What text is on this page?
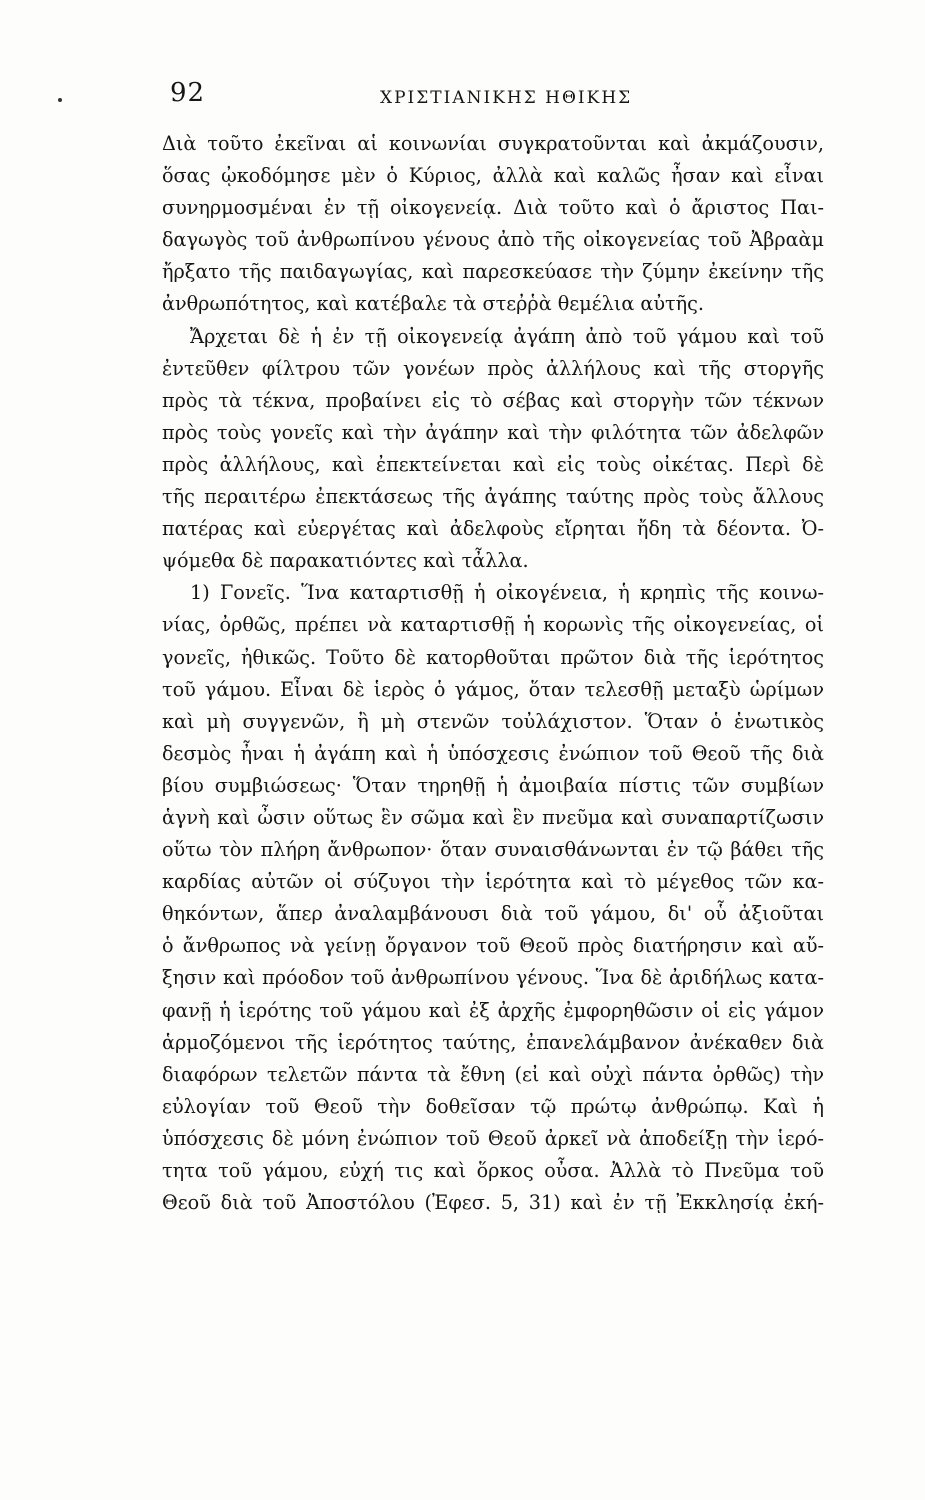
92	ΧΡΙΣΤΙΑΝΙΚΗΣ ΗΘΙΚΗΣ
Διὰ τοῦτο ἐκεῖναι αἱ κοινωνίαι συγκρατοῦνται καὶ ἀκμάζουσιν,
ὅσας ᾠκοδόμησε μὲν ὁ Κύριος, ἀλλὰ καὶ καλῶς ἦσαν καὶ εἶναι
συνηρμοσμέναι ἐν τῇ οἰκογενείᾳ. Διὰ τοῦτο καὶ ὁ ἄριστος Παι-
δαγωγὸς τοῦ ἀνθρωπίνου γένους ἀπὸ τῆς οἰκογενείας τοῦ Ἀβραὰμ
ἤρξατο τῆς παιδαγωγίας, καὶ παρεσκεύασε τὴν ζύμην ἐκείνην τῆς
ἀνθρωπότητος, καὶ κατέβαλε τὰ στεῤῥὰ θεμέλια αὐτῆς.
Ἄρχεται δὲ ἡ ἐν τῇ οἰκογενείᾳ ἀγάπη ἀπὸ τοῦ γάμου καὶ τοῦ
ἐντεῦθεν φίλτρου τῶν γονέων πρὸς ἀλλήλους καὶ τῆς στοργῆς
πρὸς τὰ τέκνα, προβαίνει εἰς τὸ σέβας καὶ στοργὴν τῶν τέκνων
πρὸς τοὺς γονεῖς καὶ τὴν ἀγάπην καὶ τὴν φιλότητα τῶν ἀδελφῶν
πρὸς ἀλλήλους, καὶ ἐπεκτείνεται καὶ εἰς τοὺς οἰκέτας. Περὶ δὲ
τῆς περαιτέρω ἐπεκτάσεως τῆς ἀγάπης ταύτης πρὸς τοὺς ἄλλους
πατέρας καὶ εὐεργέτας καὶ ἀδελφοὺς εἴρηται ἤδη τὰ δέοντα. Ὀ-
ψόμεθα δὲ παρακατιόντες καὶ τἆλλα.
1) Γονεῖς. Ἵνα καταρτισθῇ ἡ οἰκογένεια, ἡ κρηπὶς τῆς κοινω-
νίας, ὀρθῶς, πρέπει νὰ καταρτισθῇ ἡ κορωνὶς τῆς οἰκογενείας, οἱ
γονεῖς, ἠθικῶς. Τοῦτο δὲ κατορθοῦται πρῶτον διὰ τῆς ἱερότητος
τοῦ γάμου. Εἶναι δὲ ἱερὸς ὁ γάμος, ὅταν τελεσθῇ μεταξὺ ὡρίμων
καὶ μὴ συγγενῶν, ἢ μὴ στενῶν τοὐλάχιστον. Ὅταν ὁ ἑνωτικὸς
δεσμὸς ἦναι ἡ ἀγάπη καὶ ἡ ὑπόσχεσις ἐνώπιον τοῦ Θεοῦ τῆς διὰ
βίου συμβιώσεως· Ὅταν τηρηθῇ ἡ ἀμοιβαία πίστις τῶν συμβίων
ἁγνὴ καὶ ὦσιν οὕτως ἓν σῶμα καὶ ἓν πνεῦμα καὶ συναπαρτίζωσιν
οὕτω τὸν πλήρη ἄνθρωπον· ὅταν συναισθάνωνται ἐν τῷ βάθει τῆς
καρδίας αὐτῶν οἱ σύζυγοι τὴν ἱερότητα καὶ τὸ μέγεθος τῶν κα-
θηκόντων, ἅπερ ἀναλαμβάνουσι διὰ τοῦ γάμου, δι' οὗ ἀξιοῦται
ὁ ἄνθρωπος νὰ γείνῃ ὄργανον τοῦ Θεοῦ πρὸς διατήρησιν καὶ αὔ-
ξησιν καὶ πρόοδον τοῦ ἀνθρωπίνου γένους. Ἵνα δὲ ἀριδήλως κατα-
φανῇ ἡ ἱερότης τοῦ γάμου καὶ ἐξ ἀρχῆς ἐμφορηθῶσιν οἱ εἰς γάμον
ἁρμοζόμενοι τῆς ἱερότητος ταύτης, ἐπανελάμβανον ἀνέκαθεν διὰ
διαφόρων τελετῶν πάντα τὰ ἔθνη (εἰ καὶ οὐχὶ πάντα ὀρθῶς) τὴν
εὐλογίαν τοῦ Θεοῦ τὴν δοθεῖσαν τῷ πρώτῳ ἀνθρώπῳ. Καὶ ἡ
ὑπόσχεσις δὲ μόνη ἐνώπιον τοῦ Θεοῦ ἀρκεῖ νὰ ἀποδείξῃ τὴν ἱερό-
τητα τοῦ γάμου, εὐχή τις καὶ ὅρκος οὖσα. Ἀλλὰ τὸ Πνεῦμα τοῦ
Θεοῦ διὰ τοῦ Ἀποστόλου (Ἐφεσ. 5, 31) καὶ ἐν τῇ Ἐκκλησίᾳ ἐκή-
